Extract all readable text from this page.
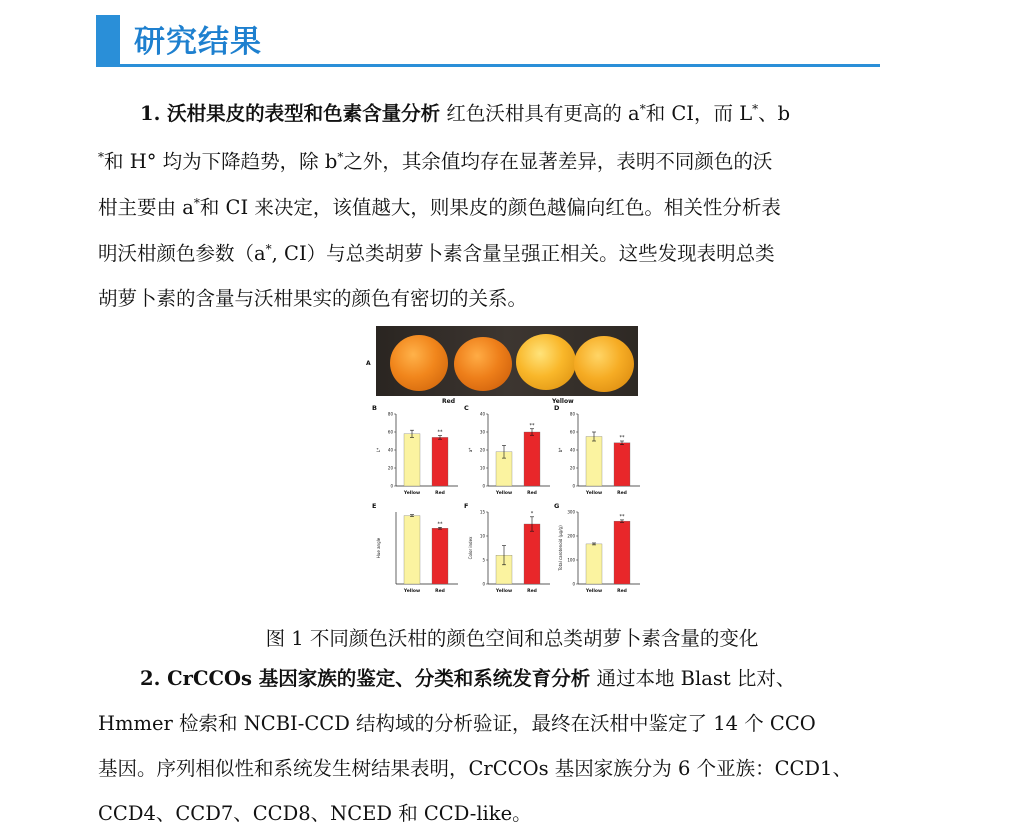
研究结果
1. 沃柑果皮的表型和色素含量分析 红色沃柑具有更高的 a*和 CI，而 L*、b
*和 H° 均为下降趋势，除 b*之外，其余值均存在显著差异，表明不同颜色的沃
柑主要由 a*和 CI 来决定，该值越大，则果皮的颜色越偏向红色。相关性分析表
明沃柑颜色参数（a*, CI）与总类胡萝卜素含量呈强正相关。这些发现表明总类
胡萝卜素的含量与沃柑果实的颜色有密切的关系。
A
Red	Yellow
B
0
20
40
60
80
L*
Yellow	Red
**
C
0
10
20
30
40
a*
Yellow	Red
**
D
0
20
40
60
80
b*
Yellow	Red
**
E
Hue angle
Yellow	Red
**
F
0
5
10
15
Color index
Yellow	Red
*
G
0
100
200
300
Total carotenoid (μg/g)
Yellow	Red
**
图 1 不同颜色沃柑的颜色空间和总类胡萝卜素含量的变化
2. CrCCOs 基因家族的鉴定、分类和系统发育分析 通过本地 Blast 比对、
Hmmer 检索和 NCBI-CCD 结构域的分析验证，最终在沃柑中鉴定了 14 个 CCO
基因。序列相似性和系统发生树结果表明，CrCCOs 基因家族分为 6 个亚族：CCD1、
CCD4、CCD7、CCD8、NCED 和 CCD-like。
